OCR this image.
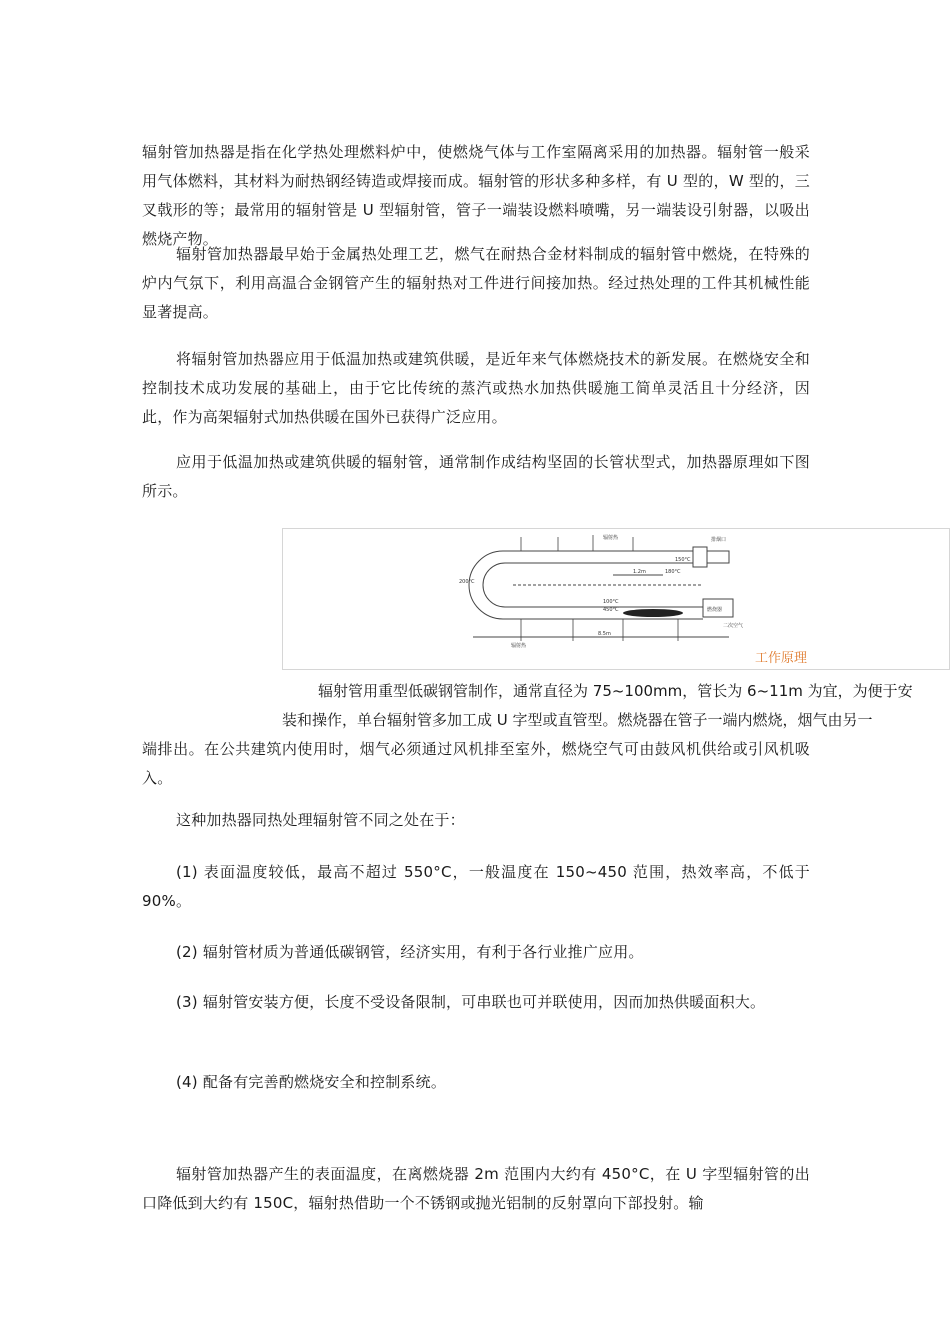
辐射管加热器是指在化学热处理燃料炉中，使燃烧气体与工作室隔离采用的加热器。辐射管一般采用气体燃料，其材料为耐热钢经铸造或焊接而成。辐射管的形状多种多样，有 U 型的，W 型的，三叉戟形的等；最常用的辐射管是 U 型辐射管，管子一端装设燃料喷嘴，另一端装设引射器，以吸出燃烧产物。

辐射管加热器最早始于金属热处理工艺，燃气在耐热合金材料制成的辐射管中燃烧，在特殊的炉内气氛下，利用高温合金钢管产生的辐射热对工件进行间接加热。经过热处理的工件其机械性能显著提高。

将辐射管加热器应用于低温加热或建筑供暖，是近年来气体燃烧技术的新发展。在燃烧安全和控制技术成功发展的基础上，由于它比传统的蒸汽或热水加热供暖施工简单灵活且十分经济，因此，作为高架辐射式加热供暖在国外已获得广泛应用。

应用于低温加热或建筑供暖的辐射管，通常制作成结构坚固的长管状型式，加热器原理如下图所示。

辐射热
辐射热
排烟口
150°C
180°C
100°C
450°C
200°C
燃烧器
二次空气
8.5m
1.2m
工作原理

辐射管用重型低碳钢管制作，通常直径为 75~100mm，管长为 6~11m 为宜，为便于安

装和操作，单台辐射管多加工成 U 字型或直管型。燃烧器在管子一端内燃烧，烟气由另一

端排出。在公共建筑内使用时，烟气必须通过风机排至室外，燃烧空气可由鼓风机供给或引风机吸入。

这种加热器同热处理辐射管不同之处在于：

(1) 表面温度较低，最高不超过 550°C，一般温度在 150~450 范围，热效率高，不低于 90%。

(2) 辐射管材质为普通低碳钢管，经济实用，有利于各行业推广应用。

(3) 辐射管安装方便，长度不受设备限制，可串联也可并联使用，因而加热供暖面积大。

(4) 配备有完善酌燃烧安全和控制系统。

辐射管加热器产生的表面温度，在离燃烧器 2m 范围内大约有 450°C，在 U 字型辐射管的出口降低到大约有 150C，辐射热借助一个不锈钢或抛光铝制的反射罩向下部投射。输
